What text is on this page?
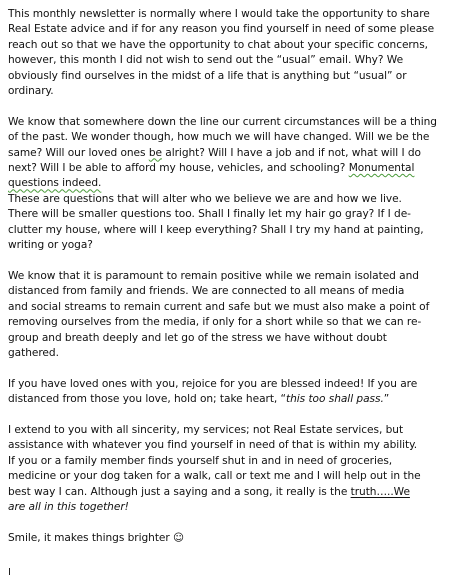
This monthly newsletter is normally where I would take the opportunity to share
Real Estate advice and if for any reason you find yourself in need of some please
reach out so that we have the opportunity to chat about your specific concerns,
however, this month I did not wish to send out the “usual” email. Why? We
obviously find ourselves in the midst of a life that is anything but “usual” or
ordinary.

We know that somewhere down the line our current circumstances will be a thing
of the past. We wonder though, how much we will have changed. Will we be the
same? Will our loved ones be alright? Will I have a job and if not, what will I do
next? Will I be able to afford my house, vehicles, and schooling? Monumental
questions indeed.

These are questions that will alter who we believe we are and how we live.
There will be smaller questions too. Shall I finally let my hair go gray? If I de-
clutter my house, where will I keep everything? Shall I try my hand at painting,
writing or yoga?

We know that it is paramount to remain positive while we remain isolated and
distanced from family and friends. We are connected to all means of media
and social streams to remain current and safe but we must also make a point of
removing ourselves from the media, if only for a short while so that we can re-
group and breath deeply and let go of the stress we have without doubt
gathered.

If you have loved ones with you, rejoice for you are blessed indeed! If you are
distanced from those you love, hold on; take heart, “this too shall pass.”

I extend to you with all sincerity, my services; not Real Estate services, but
assistance with whatever you find yourself in need of that is within my ability.
If you or a family member finds yourself shut in and in need of groceries,
medicine or your dog taken for a walk, call or text me and I will help out in the
best way I can. Although just a saying and a song, it really is the truth…..We
are all in this together!

Smile, it makes things brighter ☺
